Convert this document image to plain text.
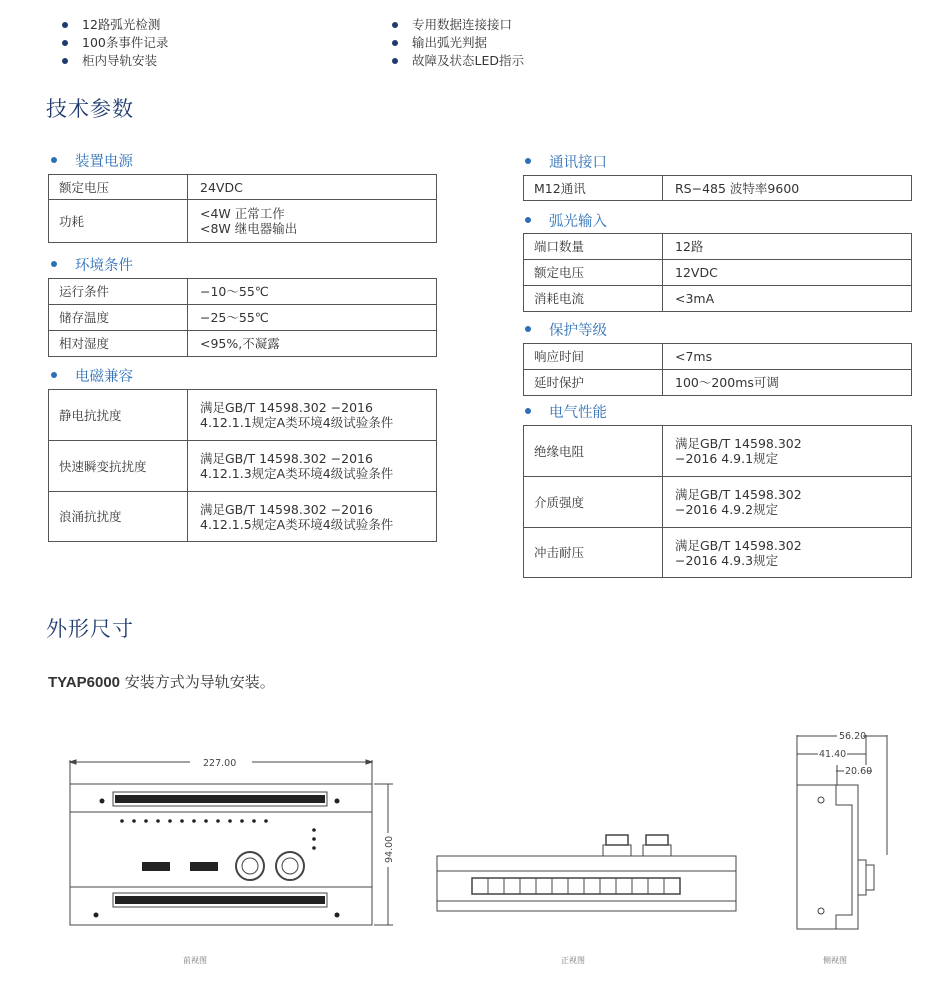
12路弧光检测
100条事件记录
柜内导轨安装
专用数据连接接口
输出弧光判据
故障及状态LED指示
技术参数
装置电源
额定电压	24VDC
功耗	<4W 正常工作
<8W 继电器输出
环境条件
运行条件	−10～55℃
储存温度	−25～55℃
相对湿度	<95%,不凝露
电磁兼容
静电抗扰度	满足GB/T 14598.302 −2016
4.12.1.1规定A类环境4级试验条件

快速瞬变抗扰度	满足GB/T 14598.302 −2016
4.12.1.3规定A类环境4级试验条件

浪涌抗扰度	满足GB/T 14598.302 −2016
4.12.1.5规定A类环境4级试验条件
通讯接口
M12通讯	RS−485 波特率9600
弧光输入
端口数量	12路
额定电压	12VDC
消耗电流	<3mA
保护等级
响应时间	<7ms
延时保护	100～200ms可调
电气性能
绝缘电阻	满足GB/T 14598.302
−2016 4.9.1规定

介质强度	满足GB/T 14598.302
−2016 4.9.2规定

冲击耐压	满足GB/T 14598.302
−2016 4.9.3规定
外形尺寸
TYAP6000 安装方式为导轨安装。
227.00
94.00
56.20
41.40
20.60
前视图	正视图	侧视图
